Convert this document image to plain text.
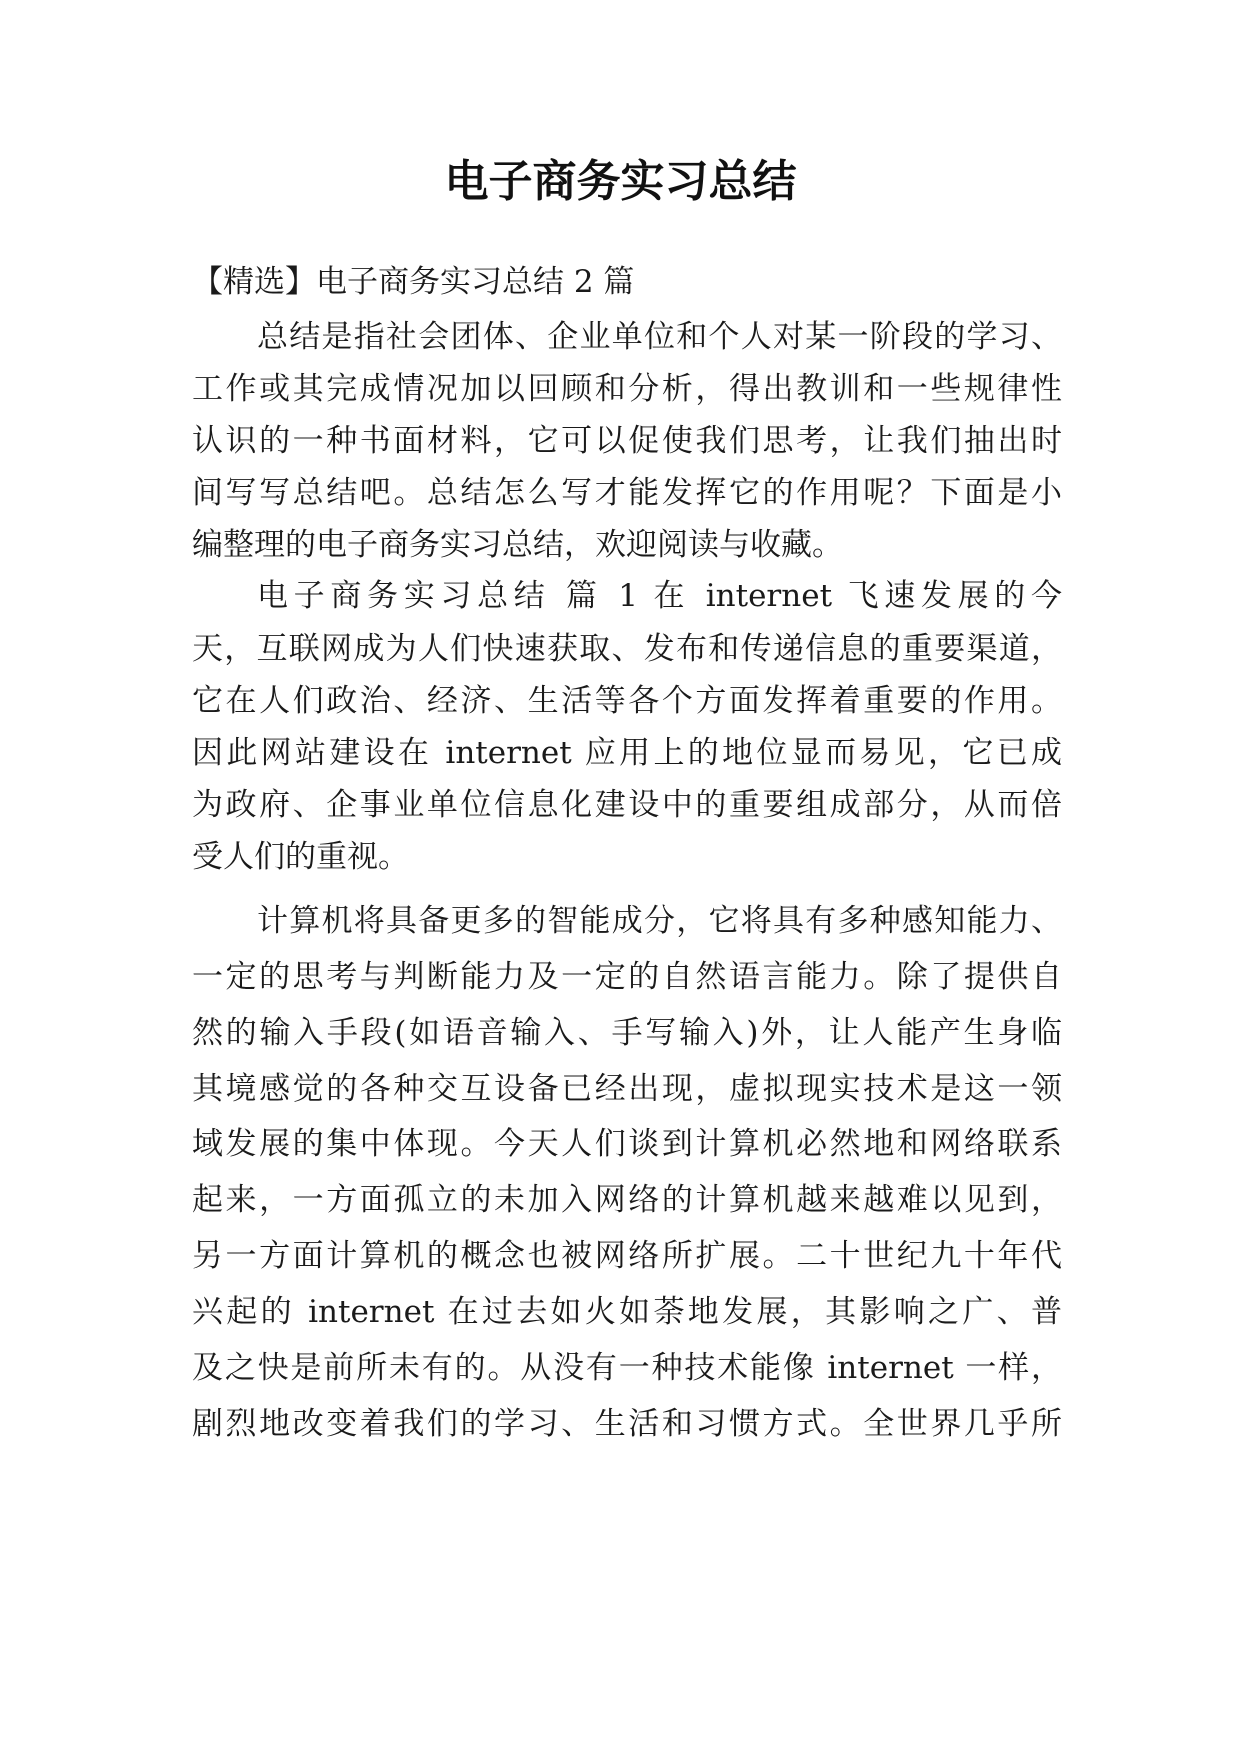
电子商务实习总结
【精选】电子商务实习总结 2 篇
总结是指社会团体、企业单位和个人对某一阶段的学习、
工作或其完成情况加以回顾和分析，得出教训和一些规律性
认识的一种书面材料，它可以促使我们思考，让我们抽出时
间写写总结吧。总结怎么写才能发挥它的作用呢？下面是小
编整理的电子商务实习总结，欢迎阅读与收藏。
电子商务实习总结 篇 1 在 internet 飞速发展的今
天，互联网成为人们快速获取、发布和传递信息的重要渠道，
它在人们政治、经济、生活等各个方面发挥着重要的作用。
因此网站建设在 internet 应用上的地位显而易见，它已成
为政府、企事业单位信息化建设中的重要组成部分，从而倍
受人们的重视。
计算机将具备更多的智能成分，它将具有多种感知能力、
一定的思考与判断能力及一定的自然语言能力。除了提供自
然的输入手段(如语音输入、手写输入)外，让人能产生身临
其境感觉的各种交互设备已经出现，虚拟现实技术是这一领
域发展的集中体现。今天人们谈到计算机必然地和网络联系
起来，一方面孤立的未加入网络的计算机越来越难以见到，
另一方面计算机的概念也被网络所扩展。二十世纪九十年代
兴起的 internet 在过去如火如荼地发展，其影响之广、普
及之快是前所未有的。从没有一种技术能像 internet 一样，
剧烈地改变着我们的学习、生活和习惯方式。全世界几乎所
